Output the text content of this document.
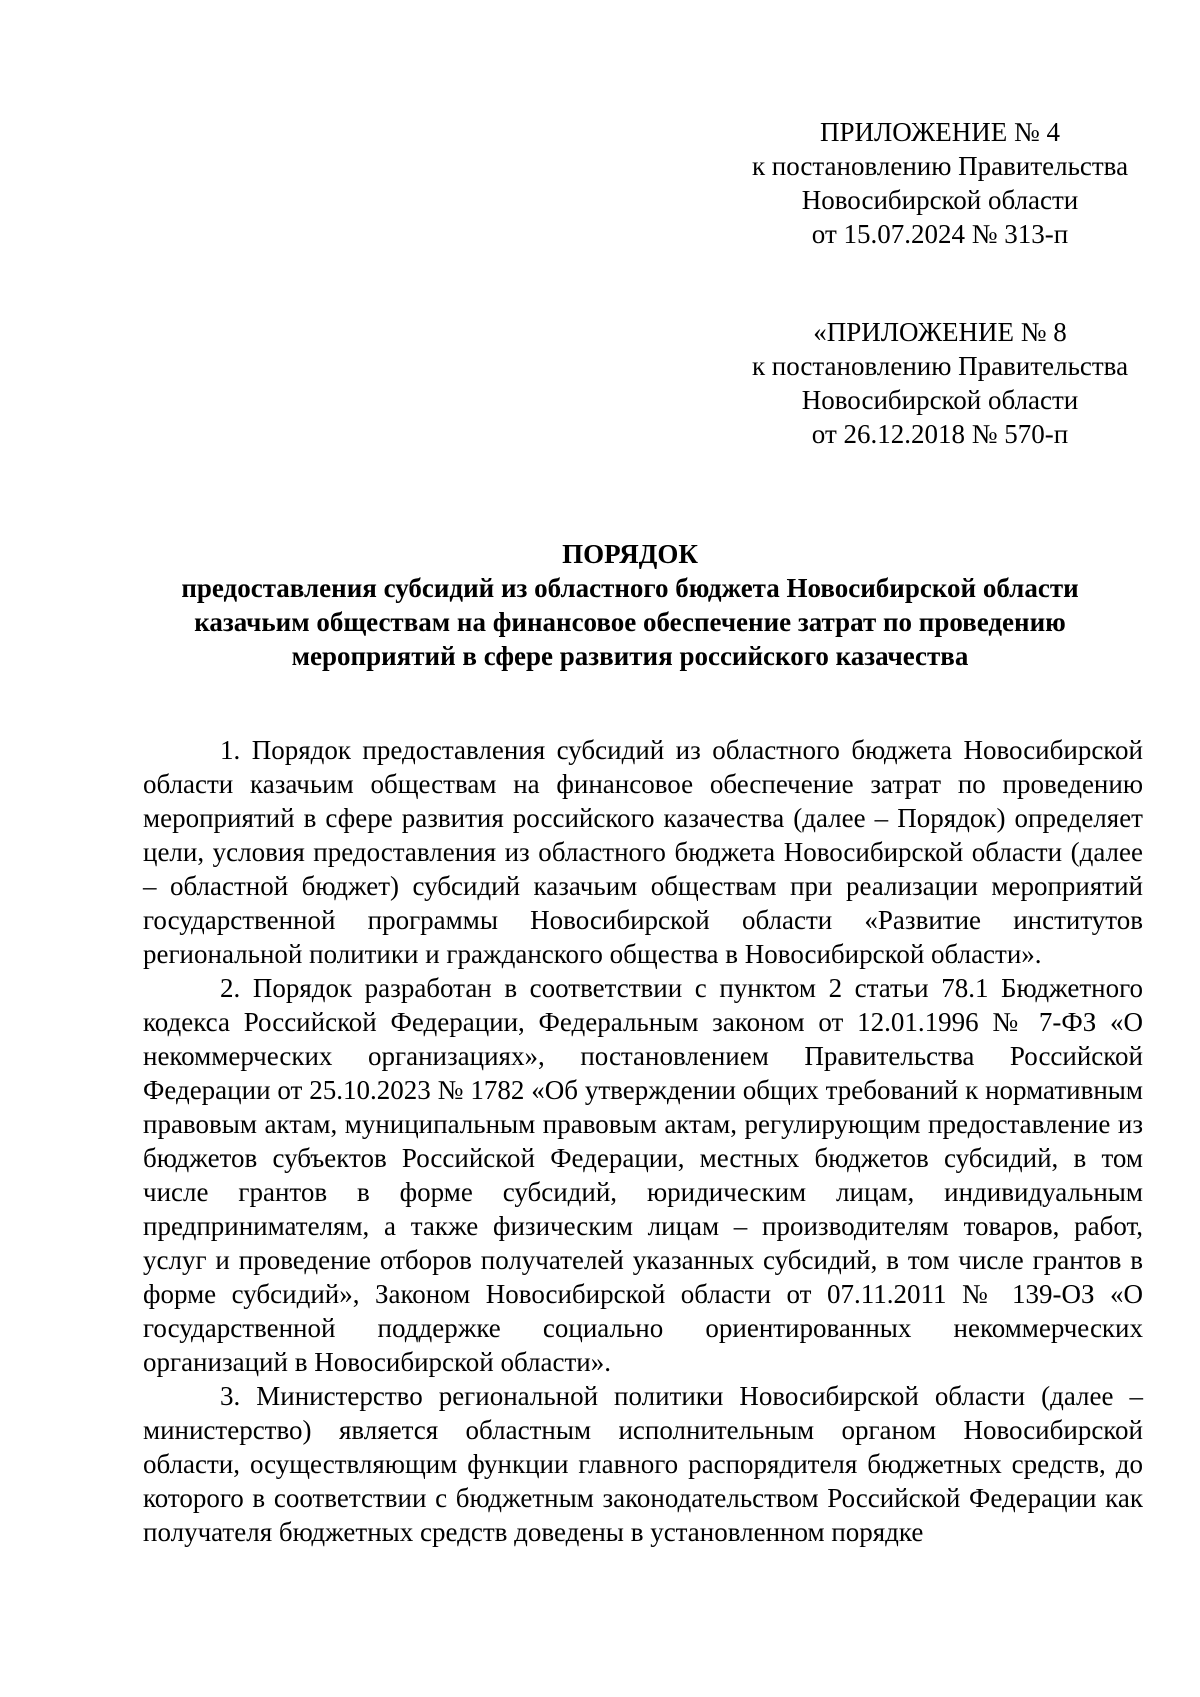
ПРИЛОЖЕНИЕ № 4
к постановлению Правительства
Новосибирской области
от 15.07.2024 № 313-п
«ПРИЛОЖЕНИЕ № 8
к постановлению Правительства
Новосибирской области
от 26.12.2018 № 570-п
ПОРЯДОК
предоставления субсидий из областного бюджета Новосибирской области
казачьим обществам на финансовое обеспечение затрат по проведению
мероприятий в сфере развития российского казачества

1. Порядок предоставления субсидий из областного бюджета Новосибирской области казачьим обществам на финансовое обеспечение затрат по проведению мероприятий в сфере развития российского казачества (далее – Порядок) определяет цели, условия предоставления из областного бюджета Новосибирской области (далее – областной бюджет) субсидий казачьим обществам при реализации мероприятий государственной программы Новосибирской области «Развитие институтов региональной политики и гражданского общества в Новосибирской области».

2. Порядок разработан в соответствии с пунктом 2 статьи 78.1 Бюджетного кодекса Российской Федерации, Федеральным законом от 12.01.1996 № 7-ФЗ «О некоммерческих организациях», постановлением Правительства Российской Федерации от 25.10.2023 № 1782 «Об утверждении общих требований к нормативным правовым актам, муниципальным правовым актам, регулирующим предоставление из бюджетов субъектов Российской Федерации, местных бюджетов субсидий, в том числе грантов в форме субсидий, юридическим лицам, индивидуальным предпринимателям, а также физическим лицам – производителям товаров, работ, услуг и проведение отборов получателей указанных субсидий, в том числе грантов в форме субсидий», Законом Новосибирской области от 07.11.2011 № 139-ОЗ «О государственной поддержке социально ориентированных некоммерческих организаций в Новосибирской области».

3. Министерство региональной политики Новосибирской области (далее – министерство) является областным исполнительным органом Новосибирской области, осуществляющим функции главного распорядителя бюджетных средств, до которого в соответствии с бюджетным законодательством Российской Федерации как получателя бюджетных средств доведены в установленном порядке
